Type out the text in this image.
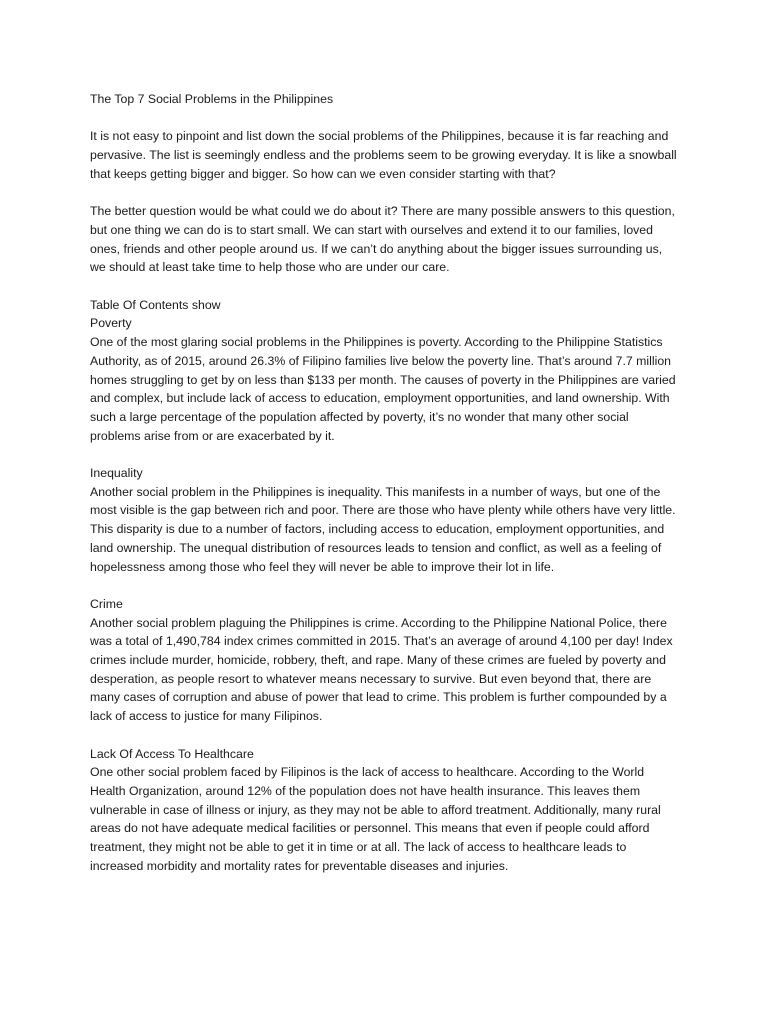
The Top 7 Social Problems in the Philippines

It is not easy to pinpoint and list down the social problems of the Philippines, because it is far reaching and pervasive. The list is seemingly endless and the problems seem to be growing everyday. It is like a snowball that keeps getting bigger and bigger. So how can we even consider starting with that?

The better question would be what could we do about it? There are many possible answers to this question, but one thing we can do is to start small. We can start with ourselves and extend it to our families, loved ones, friends and other people around us. If we can’t do anything about the bigger issues surrounding us, we should at least take time to help those who are under our care.

Table Of Contents show

Poverty

One of the most glaring social problems in the Philippines is poverty. According to the Philippine Statistics Authority, as of 2015, around 26.3% of Filipino families live below the poverty line. That’s around 7.7 million homes struggling to get by on less than $133 per month. The causes of poverty in the Philippines are varied and complex, but include lack of access to education, employment opportunities, and land ownership. With such a large percentage of the population affected by poverty, it’s no wonder that many other social problems arise from or are exacerbated by it.

Inequality

Another social problem in the Philippines is inequality. This manifests in a number of ways, but one of the most visible is the gap between rich and poor. There are those who have plenty while others have very little. This disparity is due to a number of factors, including access to education, employment opportunities, and land ownership. The unequal distribution of resources leads to tension and conflict, as well as a feeling of hopelessness among those who feel they will never be able to improve their lot in life.

Crime

Another social problem plaguing the Philippines is crime. According to the Philippine National Police, there was a total of 1,490,784 index crimes committed in 2015. That’s an average of around 4,100 per day! Index crimes include murder, homicide, robbery, theft, and rape. Many of these crimes are fueled by poverty and desperation, as people resort to whatever means necessary to survive. But even beyond that, there are many cases of corruption and abuse of power that lead to crime. This problem is further compounded by a lack of access to justice for many Filipinos.

Lack Of Access To Healthcare

One other social problem faced by Filipinos is the lack of access to healthcare. According to the World Health Organization, around 12% of the population does not have health insurance. This leaves them vulnerable in case of illness or injury, as they may not be able to afford treatment. Additionally, many rural areas do not have adequate medical facilities or personnel. This means that even if people could afford treatment, they might not be able to get it in time or at all. The lack of access to healthcare leads to increased morbidity and mortality rates for preventable diseases and injuries.
